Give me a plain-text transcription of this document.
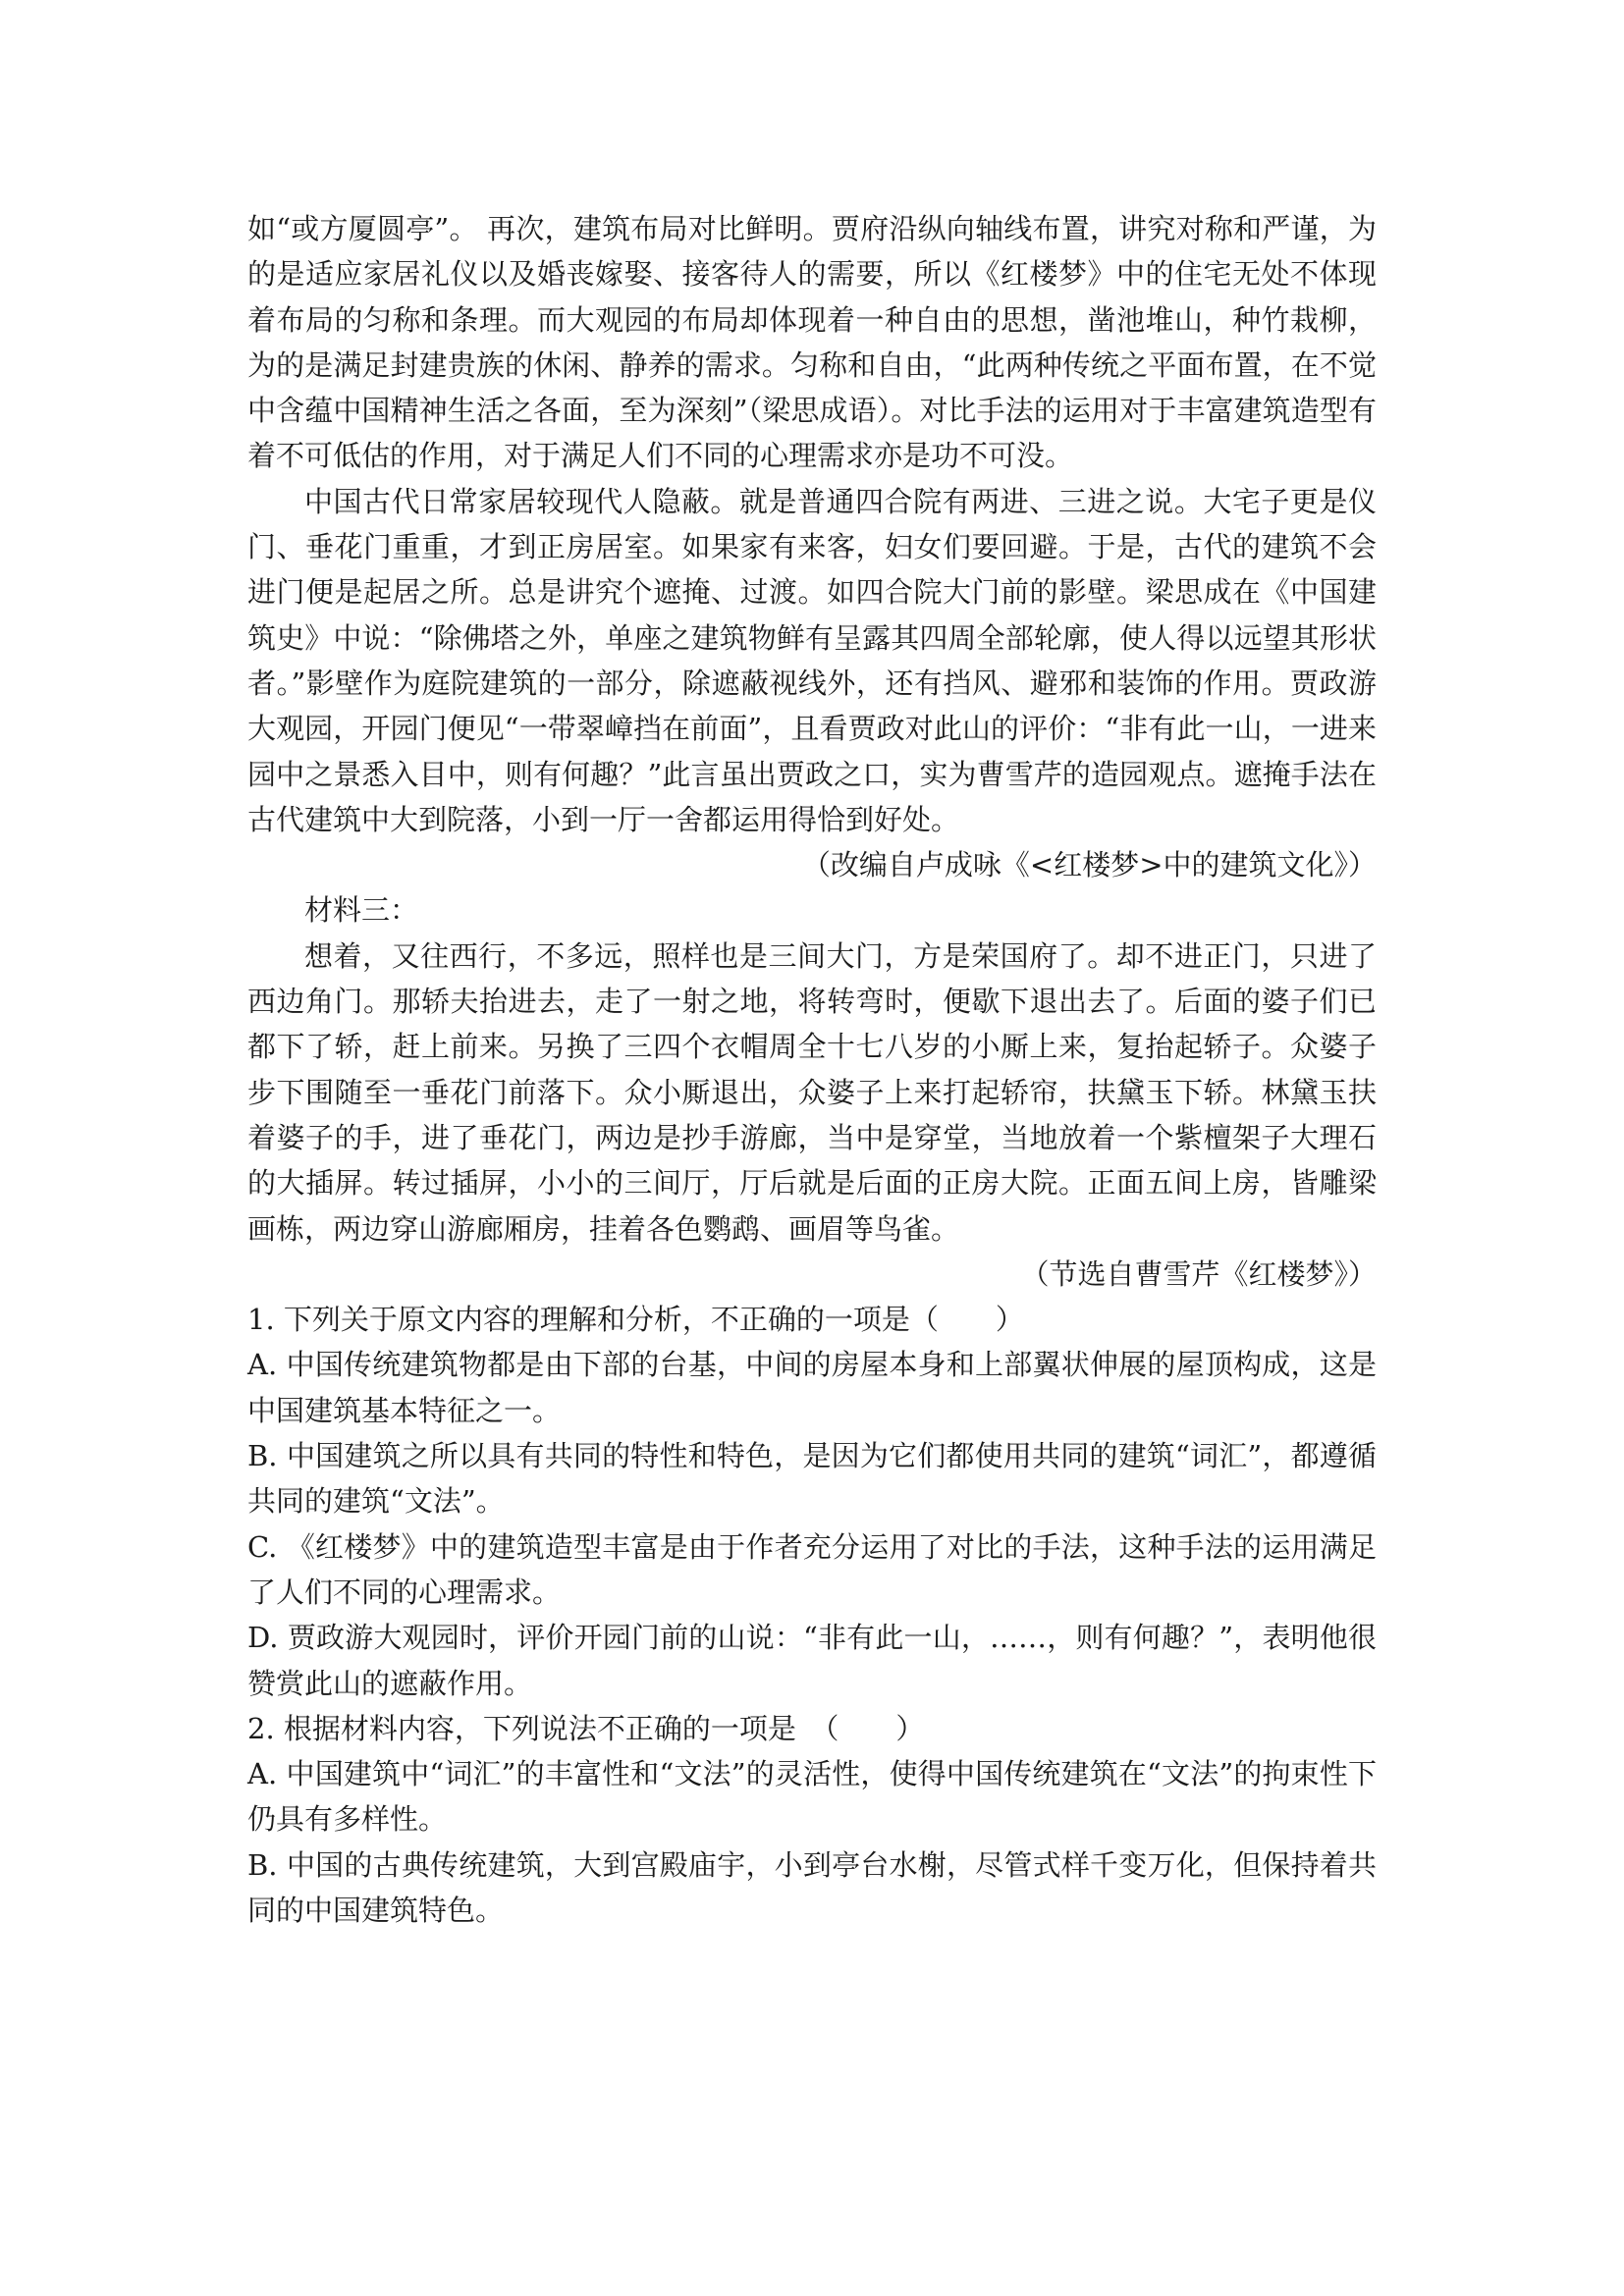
如“或方厦圆亭”。 再次，建筑布局对比鲜明。贾府沿纵向轴线布置，讲究对称和严谨，为的是适应家居礼仪以及婚丧嫁娶、接客待人的需要，所以《红楼梦》中的住宅无处不体现着布局的匀称和条理。而大观园的布局却体现着一种自由的思想，凿池堆山，种竹栽柳，为的是满足封建贵族的休闲、静养的需求。匀称和自由，“此两种传统之平面布置，在不觉中含蕴中国精神生活之各面，至为深刻”（梁思成语）。对比手法的运用对于丰富建筑造型有着不可低估的作用，对于满足人们不同的心理需求亦是功不可没。

中国古代日常家居较现代人隐蔽。就是普通四合院有两进、三进之说。大宅子更是仪门、垂花门重重，才到正房居室。如果家有来客，妇女们要回避。于是，古代的建筑不会进门便是起居之所。总是讲究个遮掩、过渡。如四合院大门前的影壁。梁思成在《中国建筑史》中说：“除佛塔之外，单座之建筑物鲜有呈露其四周全部轮廓，使人得以远望其形状者。”影壁作为庭院建筑的一部分，除遮蔽视线外，还有挡风、避邪和装饰的作用。贾政游大观园，开园门便见“一带翠嶂挡在前面”，且看贾政对此山的评价：“非有此一山，一进来园中之景悉入目中，则有何趣？”此言虽出贾政之口，实为曹雪芹的造园观点。遮掩手法在古代建筑中大到院落，小到一厅一舍都运用得恰到好处。

（改编自卢成咏《<红楼梦>中的建筑文化》）

材料三：

想着，又往西行，不多远，照样也是三间大门，方是荣国府了。却不进正门，只进了西边角门。那轿夫抬进去，走了一射之地，将转弯时，便歇下退出去了。后面的婆子们已都下了轿，赶上前来。另换了三四个衣帽周全十七八岁的小厮上来，复抬起轿子。众婆子步下围随至一垂花门前落下。众小厮退出，众婆子上来打起轿帘，扶黛玉下轿。林黛玉扶着婆子的手，进了垂花门，两边是抄手游廊，当中是穿堂，当地放着一个紫檀架子大理石的大插屏。转过插屏，小小的三间厅，厅后就是后面的正房大院。正面五间上房，皆雕梁画栋，两边穿山游廊厢房，挂着各色鹦鹉、画眉等鸟雀。

（节选自曹雪芹《红楼梦》）

1. 下列关于原文内容的理解和分析，不正确的一项是（　　）

A. 中国传统建筑物都是由下部的台基，中间的房屋本身和上部翼状伸展的屋顶构成，这是中国建筑基本特征之一。

B. 中国建筑之所以具有共同的特性和特色，是因为它们都使用共同的建筑“词汇”，都遵循共同的建筑“文法”。

C. 《红楼梦》中的建筑造型丰富是由于作者充分运用了对比的手法，这种手法的运用满足了人们不同的心理需求。

D. 贾政游大观园时，评价开园门前的山说：“非有此一山，……，则有何趣？”，表明他很赞赏此山的遮蔽作用。

2. 根据材料内容，下列说法不正确的一项是　（　　）

A. 中国建筑中“词汇”的丰富性和“文法”的灵活性，使得中国传统建筑在“文法”的拘束性下仍具有多样性。

B. 中国的古典传统建筑，大到宫殿庙宇，小到亭台水榭，尽管式样千变万化，但保持着共同的中国建筑特色。
